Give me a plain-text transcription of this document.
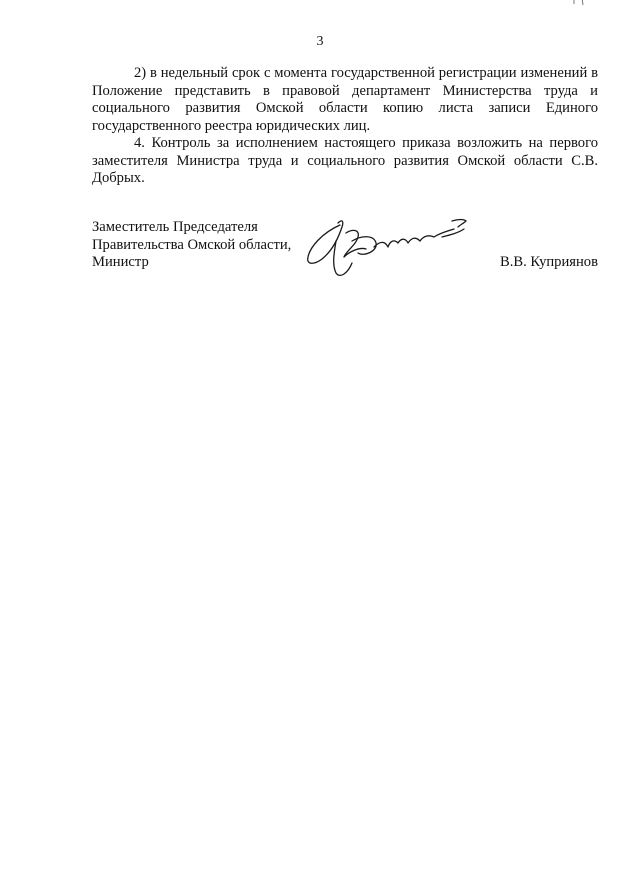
3

2) в недельный срок с момента государственной регистрации изменений в Положение представить в правовой департамент Министерства труда и социального развития Омской области копию листа записи Единого государственного реестра юридических лиц.

4. Контроль за исполнением настоящего приказа возложить на первого заместителя Министра труда и социального развития Омской области С.В. Добрых.

Заместитель Председателя
Правительства Омской области,
Министр	В.В. Куприянов
